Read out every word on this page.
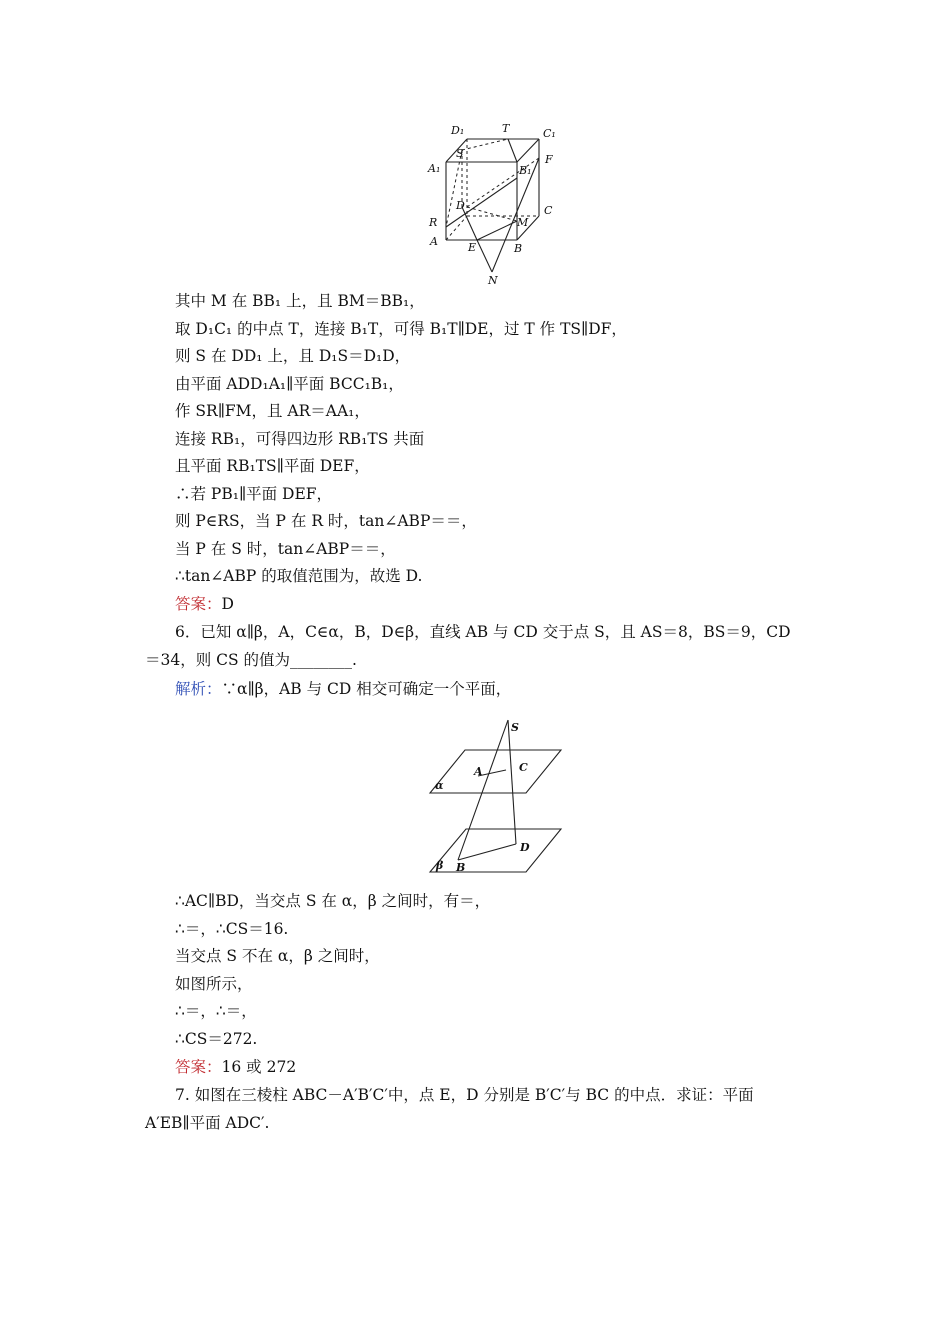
D₁	T	C₁
S	F
A₁	B₁
D	C
R	M
A	E	B
N
其中 M 在 BB₁ 上，且 BM＝BB₁，
取 D₁C₁ 的中点 T，连接 B₁T，可得 B₁T∥DE，过 T 作 TS∥DF，
则 S 在 DD₁ 上，且 D₁S＝D₁D，
由平面 ADD₁A₁∥平面 BCC₁B₁，
作 SR∥FM，且 AR＝AA₁，
连接 RB₁，可得四边形 RB₁TS 共面
且平面 RB₁TS∥平面 DEF，
∴若 PB₁∥平面 DEF，
则 P∈RS，当 P 在 R 时，tan∠ABP＝＝，
当 P 在 S 时，tan∠ABP＝＝，
∴tan∠ABP 的取值范围为，故选 D.
答案：D
6．已知 α∥β，A，C∈α，B，D∈β，直线 AB 与 CD 交于点 S，且 AS＝8，BS＝9，CD
＝34，则 CS 的值为________.
解析：∵α∥β，AB 与 CD 相交可确定一个平面，
S
A	C
α
β B
D
∴AC∥BD，当交点 S 在 α，β 之间时，有＝，
∴＝，∴CS＝16.
当交点 S 不在 α，β 之间时，
如图所示，
∴＝，∴＝，
∴CS＝272.
答案：16 或 272
7. 如图在三棱柱 ABC－A′B′C′中，点 E，D 分别是 B′C′与 BC 的中点．求证：平面
A′EB∥平面 ADC′.
